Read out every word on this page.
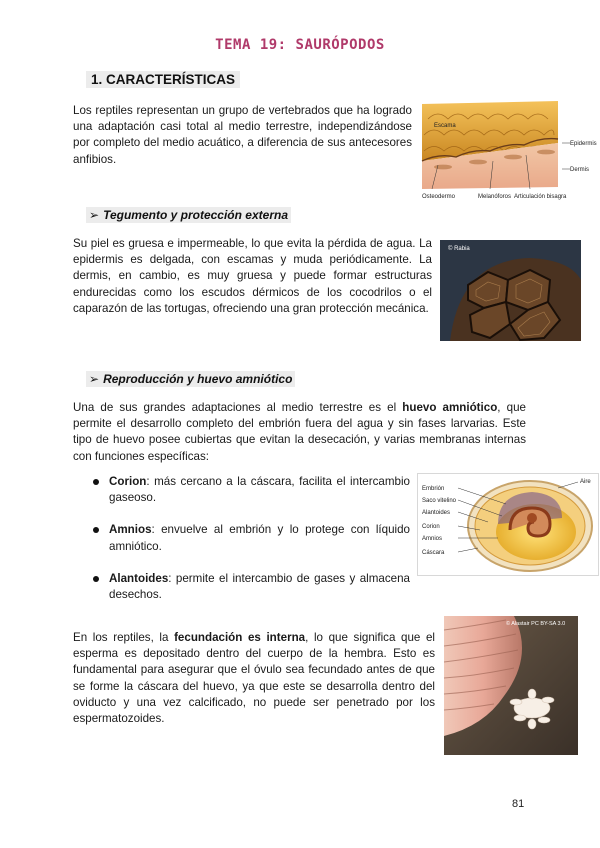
TEMA 19: SAURÓPODOS
1. CARACTERÍSTICAS
Los reptiles representan un grupo de vertebrados que ha logrado una adaptación casi total al medio terrestre, independizándose por completo del medio acuático, a diferencia de sus antecesores anfibios.
Escama
Epidermis
Dermis
Osteodermo	Melanóforos Articulación bisagra
➢ Tegumento y protección externa
Su piel es gruesa e impermeable, lo que evita la pérdida de agua. La epidermis es delgada, con escamas y muda periódicamente. La dermis, en cambio, es muy gruesa y puede formar estructuras endurecidas como los escudos dérmicos de los cocodrilos o el caparazón de las tortugas, ofreciendo una gran protección mecánica.
© Rabia
➢ Reproducción y huevo amniótico
Una de sus grandes adaptaciones al medio terrestre es el huevo amniótico, que permite el desarrollo completo del embrión fuera del agua y sin fases larvarias. Este tipo de huevo posee cubiertas que evitan la desecación, y varias membranas internas con funciones específicas:
Corion: más cercano a la cáscara, facilita el intercambio gaseoso.
Amnios: envuelve al embrión y lo protege con líquido amniótico.
Alantoides: permite el intercambio de gases y almacena desechos.
Embrión
Saco vitelino
Alantoides
Corion
Amnios
Cáscara
Aire
En los reptiles, la fecundación es interna, lo que significa que el esperma es depositado dentro del cuerpo de la hembra. Esto es fundamental para asegurar que el óvulo sea fecundado antes de que se forme la cáscara del huevo, ya que este se desarrolla dentro del oviducto y una vez calcificado, no puede ser penetrado por los espermatozoides.
© Alastair PC BY-SA 3.0
81
